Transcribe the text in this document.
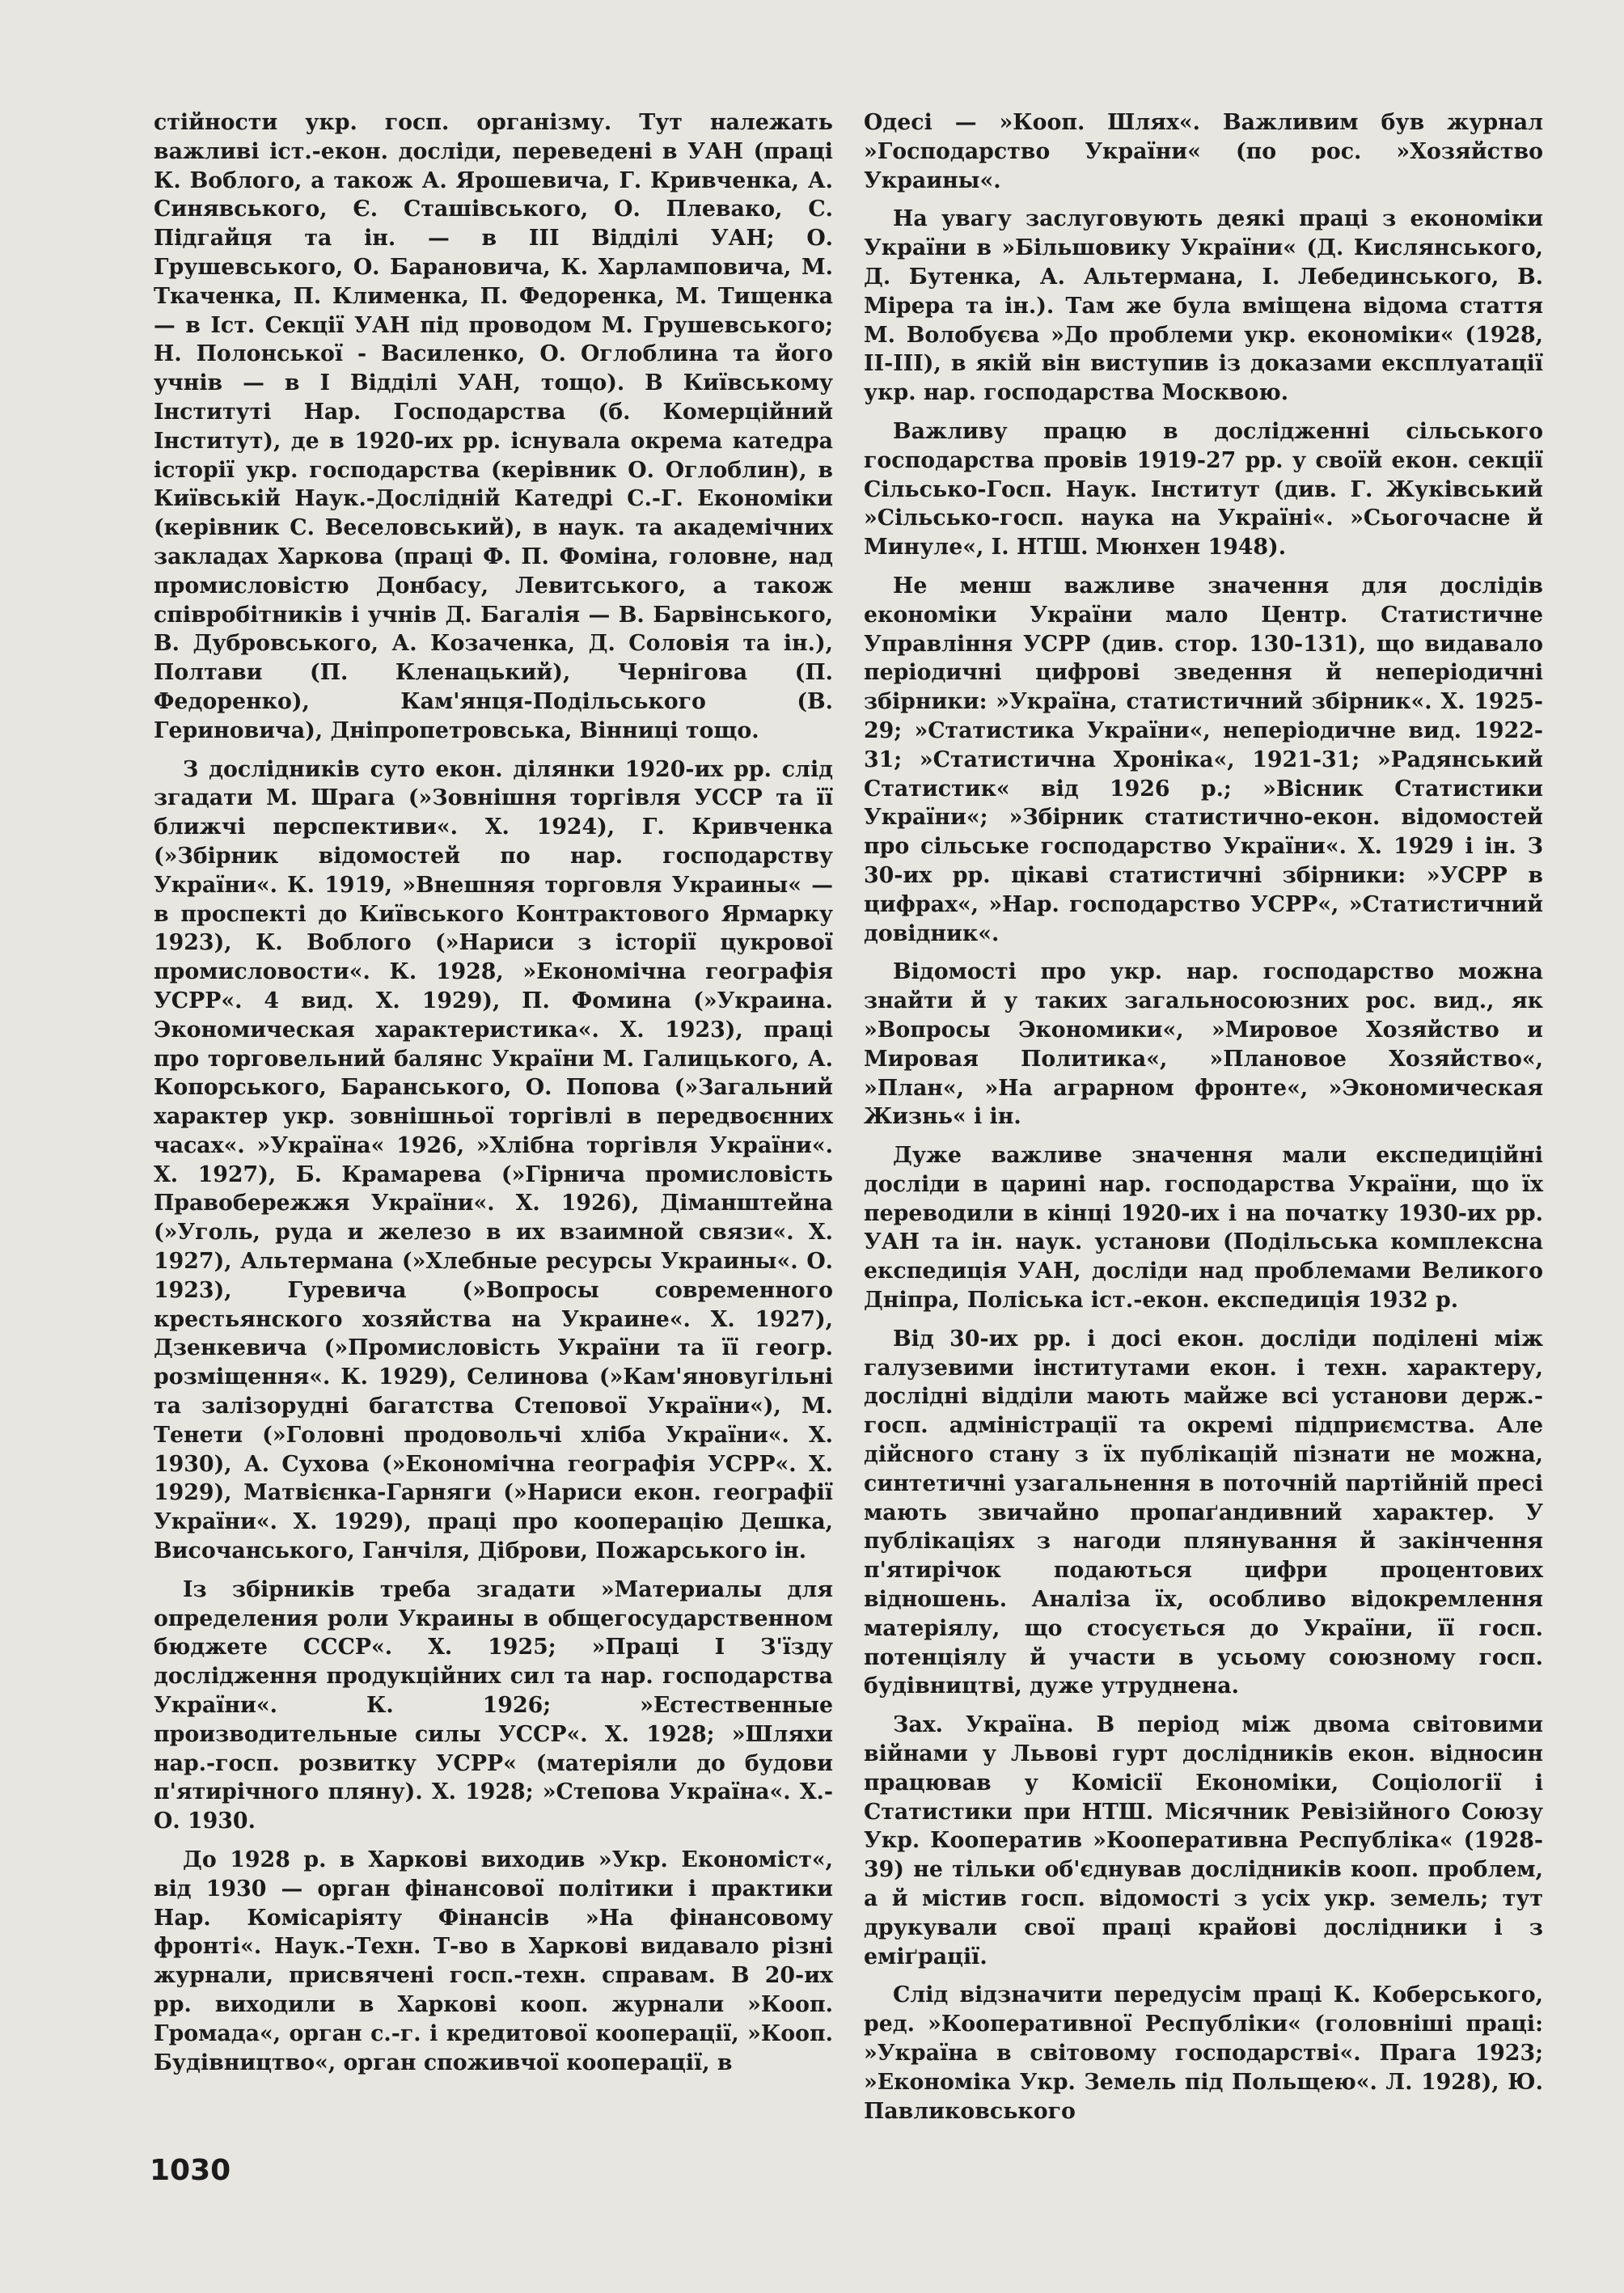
стійности укр. госп. організму. Тут належать важливі іст.-екон. досліди, переведені в УАН (праці К. Воблого, а також А. Ярошевича, Г. Кривченка, А. Синявського, Є. Сташівського, О. Плевако, С. Підгайця та ін. — в III Відділі УАН; О. Грушевського, О. Барановича, К. Харламповича, М. Ткаченка, П. Клименка, П. Федоренка, М. Тищенка — в Іст. Секції УАН під проводом М. Грушевського; Н. Полонської - Василенко, О. Оглоблина та його учнів — в І Відділі УАН, тощо). В Київському Інституті Нар. Господарства (б. Комерційний Інститут), де в 1920-их рр. існувала окрема катедра історії укр. господарства (керівник О. Оглоблин), в Київській Наук.-Дослідній Катедрі С.-Г. Економіки (керівник С. Веселовський), в наук. та академічних закладах Харкова (праці Ф. П. Фоміна, головне, над промисловістю Донбасу, Левитського, а також співробітників і учнів Д. Багалія — В. Барвінського, В. Дубровського, А. Козаченка, Д. Соловія та ін.), Полтави (П. Кленацький), Чернігова (П. Федоренко), Кам'янця-Подільського (В. Гериновича), Дніпропетровська, Вінниці тощо.

З дослідників суто екон. ділянки 1920-их рр. слід згадати М. Шрага (»Зовнішня торгівля УССР та її ближчі перспективи«. Х. 1924), Г. Кривченка (»Збірник відомостей по нар. господарству України«. К. 1919, »Внешняя торговля Украины« — в проспекті до Київського Контрактового Ярмарку 1923), К. Воблого (»Нариси з історії цукрової промисловости«. К. 1928, »Економічна географія УСРР«. 4 вид. Х. 1929), П. Фомина (»Украина. Экономическая характеристика«. Х. 1923), праці про торговельний балянс України М. Галицького, А. Копорського, Баранського, О. Попова (»Загальний характер укр. зовнішньої торгівлі в передвоєнних часах«. »Україна« 1926, »Хлібна торгівля України«. Х. 1927), Б. Крамарева (»Гірнича промисловість Правобережжя України«. Х. 1926), Діманштейна (»Уголь, руда и железо в их взаимной связи«. Х. 1927), Альтермана (»Хлебные ресурсы Украины«. О. 1923), Гуревича (»Вопросы современного крестьянского хозяйства на Украине«. Х. 1927), Дзенкевича (»Промисловість України та її геогр. розміщення«. К. 1929), Селинова (»Кам'яновугільні та залізорудні багатства Степової України«), М. Тенети (»Головні продовольчі хліба України«. Х. 1930), А. Сухова (»Економічна географія УСРР«. Х. 1929), Матвієнка-Гарняги (»Нариси екон. географії України«. Х. 1929), праці про кооперацію Дешка, Височанського, Ганчіля, Діброви, Пожарського ін.

Із збірників треба згадати »Материалы для определения роли Украины в общегосударственном бюджете СССР«. Х. 1925; »Праці I З'їзду дослідження продукційних сил та нар. господарства України«. К. 1926; »Естественные производительные силы УССР«. Х. 1928; »Шляхи нар.-госп. розвитку УСРР« (матеріяли до будови п'ятирічного пляну). Х. 1928; »Степова Україна«. Х.-О. 1930.

До 1928 р. в Харкові виходив »Укр. Економіст«, від 1930 — орган фінансової політики і практики Нар. Комісаріяту Фінансів »На фінансовому фронті«. Наук.-Техн. Т-во в Харкові видавало різні журнали, присвячені госп.-техн. справам. В 20-их рр. виходили в Харкові кооп. журнали »Кооп. Громада«, орган с.-г. і кредитової кооперації, »Кооп. Будівництво«, орган споживчої кооперації, в

Одесі — »Кооп. Шлях«. Важливим був журнал »Господарство України« (по рос. »Хозяйство Украины«.

На увагу заслуговують деякі праці з економіки України в »Більшовику України« (Д. Кислянського, Д. Бутенка, А. Альтермана, І. Лебединського, В. Мірера та ін.). Там же була вміщена відома стаття М. Волобуєва »До проблеми укр. економіки« (1928, II-III), в якій він виступив із доказами експлуатації укр. нар. господарства Москвою.

Важливу працю в дослідженні сільського господарства провів 1919-27 рр. у своїй екон. секції Сільсько-Госп. Наук. Інститут (див. Г. Жуківський »Сільсько-госп. наука на Україні«. »Сьогочасне й Минуле«, I. НТШ. Мюнхен 1948).

Не менш важливе значення для дослідів економіки України мало Центр. Статистичне Управління УСРР (див. стор. 130-131), що видавало періодичні цифрові зведення й неперіодичні збірники: »Україна, статистичний збірник«. Х. 1925-29; »Статистика України«, неперіодичне вид. 1922-31; »Статистична Хроніка«, 1921-31; »Радянський Статистик« від 1926 р.; »Вісник Статистики України«; »Збірник статистично-екон. відомостей про сільське господарство України«. Х. 1929 і ін. З 30-их рр. цікаві статистичні збірники: »УСРР в цифрах«, »Нар. господарство УСРР«, »Статистичний довідник«.

Відомості про укр. нар. господарство можна знайти й у таких загальносоюзних рос. вид., як »Вопросы Экономики«, »Мировое Хозяйство и Мировая Политика«, »Плановое Хозяйство«, »План«, »На аграрном фронте«, »Экономическая Жизнь« і ін.

Дуже важливе значення мали експедиційні досліди в царині нар. господарства України, що їх переводили в кінці 1920-их і на початку 1930-их рр. УАН та ін. наук. установи (Подільська комплексна експедиція УАН, досліди над проблемами Великого Дніпра, Поліська іст.-екон. експедиція 1932 р.

Від 30-их рр. і досі екон. досліди поділені між галузевими інститутами екон. і техн. характеру, дослідні відділи мають майже всі установи держ.-госп. адміністрації та окремі підприємства. Але дійсного стану з їх публікацій пізнати не можна, синтетичні узагальнення в поточній партійній пресі мають звичайно пропаґандивний характер. У публікаціях з нагоди плянування й закінчення п'ятирічок подаються цифри процентових відношень. Аналіза їх, особливо відокремлення матеріялу, що стосується до України, її госп. потенціялу й участи в усьому союзному госп. будівництві, дуже утруднена.

Зах. Україна. В період між двома світовими війнами у Львові гурт дослідників екон. відносин працював у Комісії Економіки, Соціології і Статистики при НТШ. Місячник Ревізійного Союзу Укр. Кооператив »Кооперативна Республіка« (1928-39) не тільки об'єднував дослідників кооп. проблем, а й містив госп. відомості з усіх укр. земель; тут друкували свої праці крайові дослідники і з еміґрації.

Слід відзначити передусім праці К. Коберського, ред. »Кооперативної Республіки« (головніші праці: »Україна в світовому господарстві«. Прага 1923; »Економіка Укр. Земель під Польщею«. Л. 1928), Ю. Павликовського

1030
